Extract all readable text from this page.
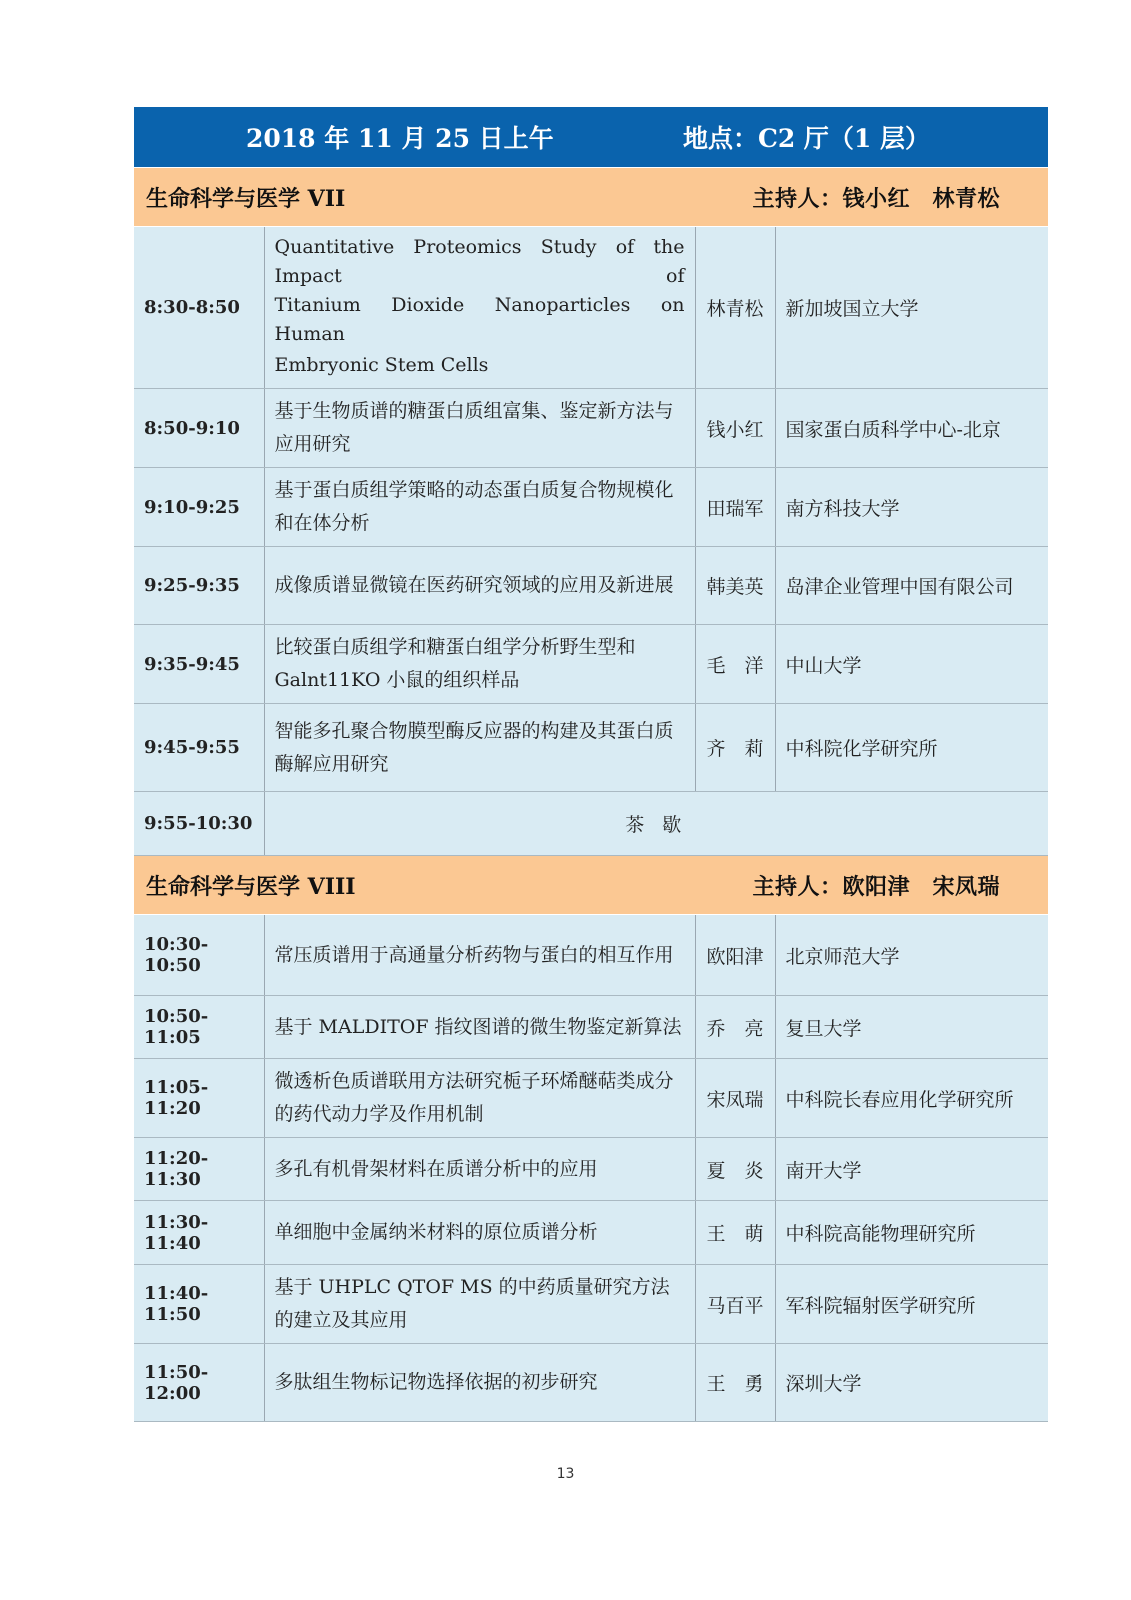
2018 年 11 月 25 日上午 地点：C2 厅（1 层）			

生命科学与医学 VII 主持人：钱小红　林青松			

8:30-8:50	Quantitative Proteomics Study of the Impact of
Titanium Dioxide Nanoparticles on Human
Embryonic Stem Cells	林青松	新加坡国立大学
8:50-9:10	基于生物质谱的糖蛋白质组富集、鉴定新方法与应用研究	钱小红	国家蛋白质科学中心-北京
9:10-9:25	基于蛋白质组学策略的动态蛋白质复合物规模化和在体分析	田瑞军	南方科技大学
9:25-9:35	成像质谱显微镜在医药研究领域的应用及新进展	韩美英	岛津企业管理中国有限公司
9:35-9:45	比较蛋白质组学和糖蛋白组学分析野生型和Galnt11KO 小鼠的组织样品	毛　洋	中山大学
9:45-9:55	智能多孔聚合物膜型酶反应器的构建及其蛋白质酶解应用研究	齐　莉	中科院化学研究所
9:55-10:30	茶 歇		

生命科学与医学 VIII 主持人：欧阳津　宋凤瑞			

10:30-10:50	常压质谱用于高通量分析药物与蛋白的相互作用	欧阳津	北京师范大学
10:50-11:05	基于 MALDITOF 指纹图谱的微生物鉴定新算法	乔　亮	复旦大学
11:05-11:20	微透析色质谱联用方法研究栀子环烯醚萜类成分的药代动力学及作用机制	宋凤瑞	中科院长春应用化学研究所
11:20-11:30	多孔有机骨架材料在质谱分析中的应用	夏　炎	南开大学
11:30-11:40	单细胞中金属纳米材料的原位质谱分析	王　萌	中科院高能物理研究所
11:40-11:50	基于 UHPLC QTOF MS 的中药质量研究方法的建立及其应用	马百平	军科院辐射医学研究所
11:50-12:00	多肽组生物标记物选择依据的初步研究	王　勇	深圳大学
13
